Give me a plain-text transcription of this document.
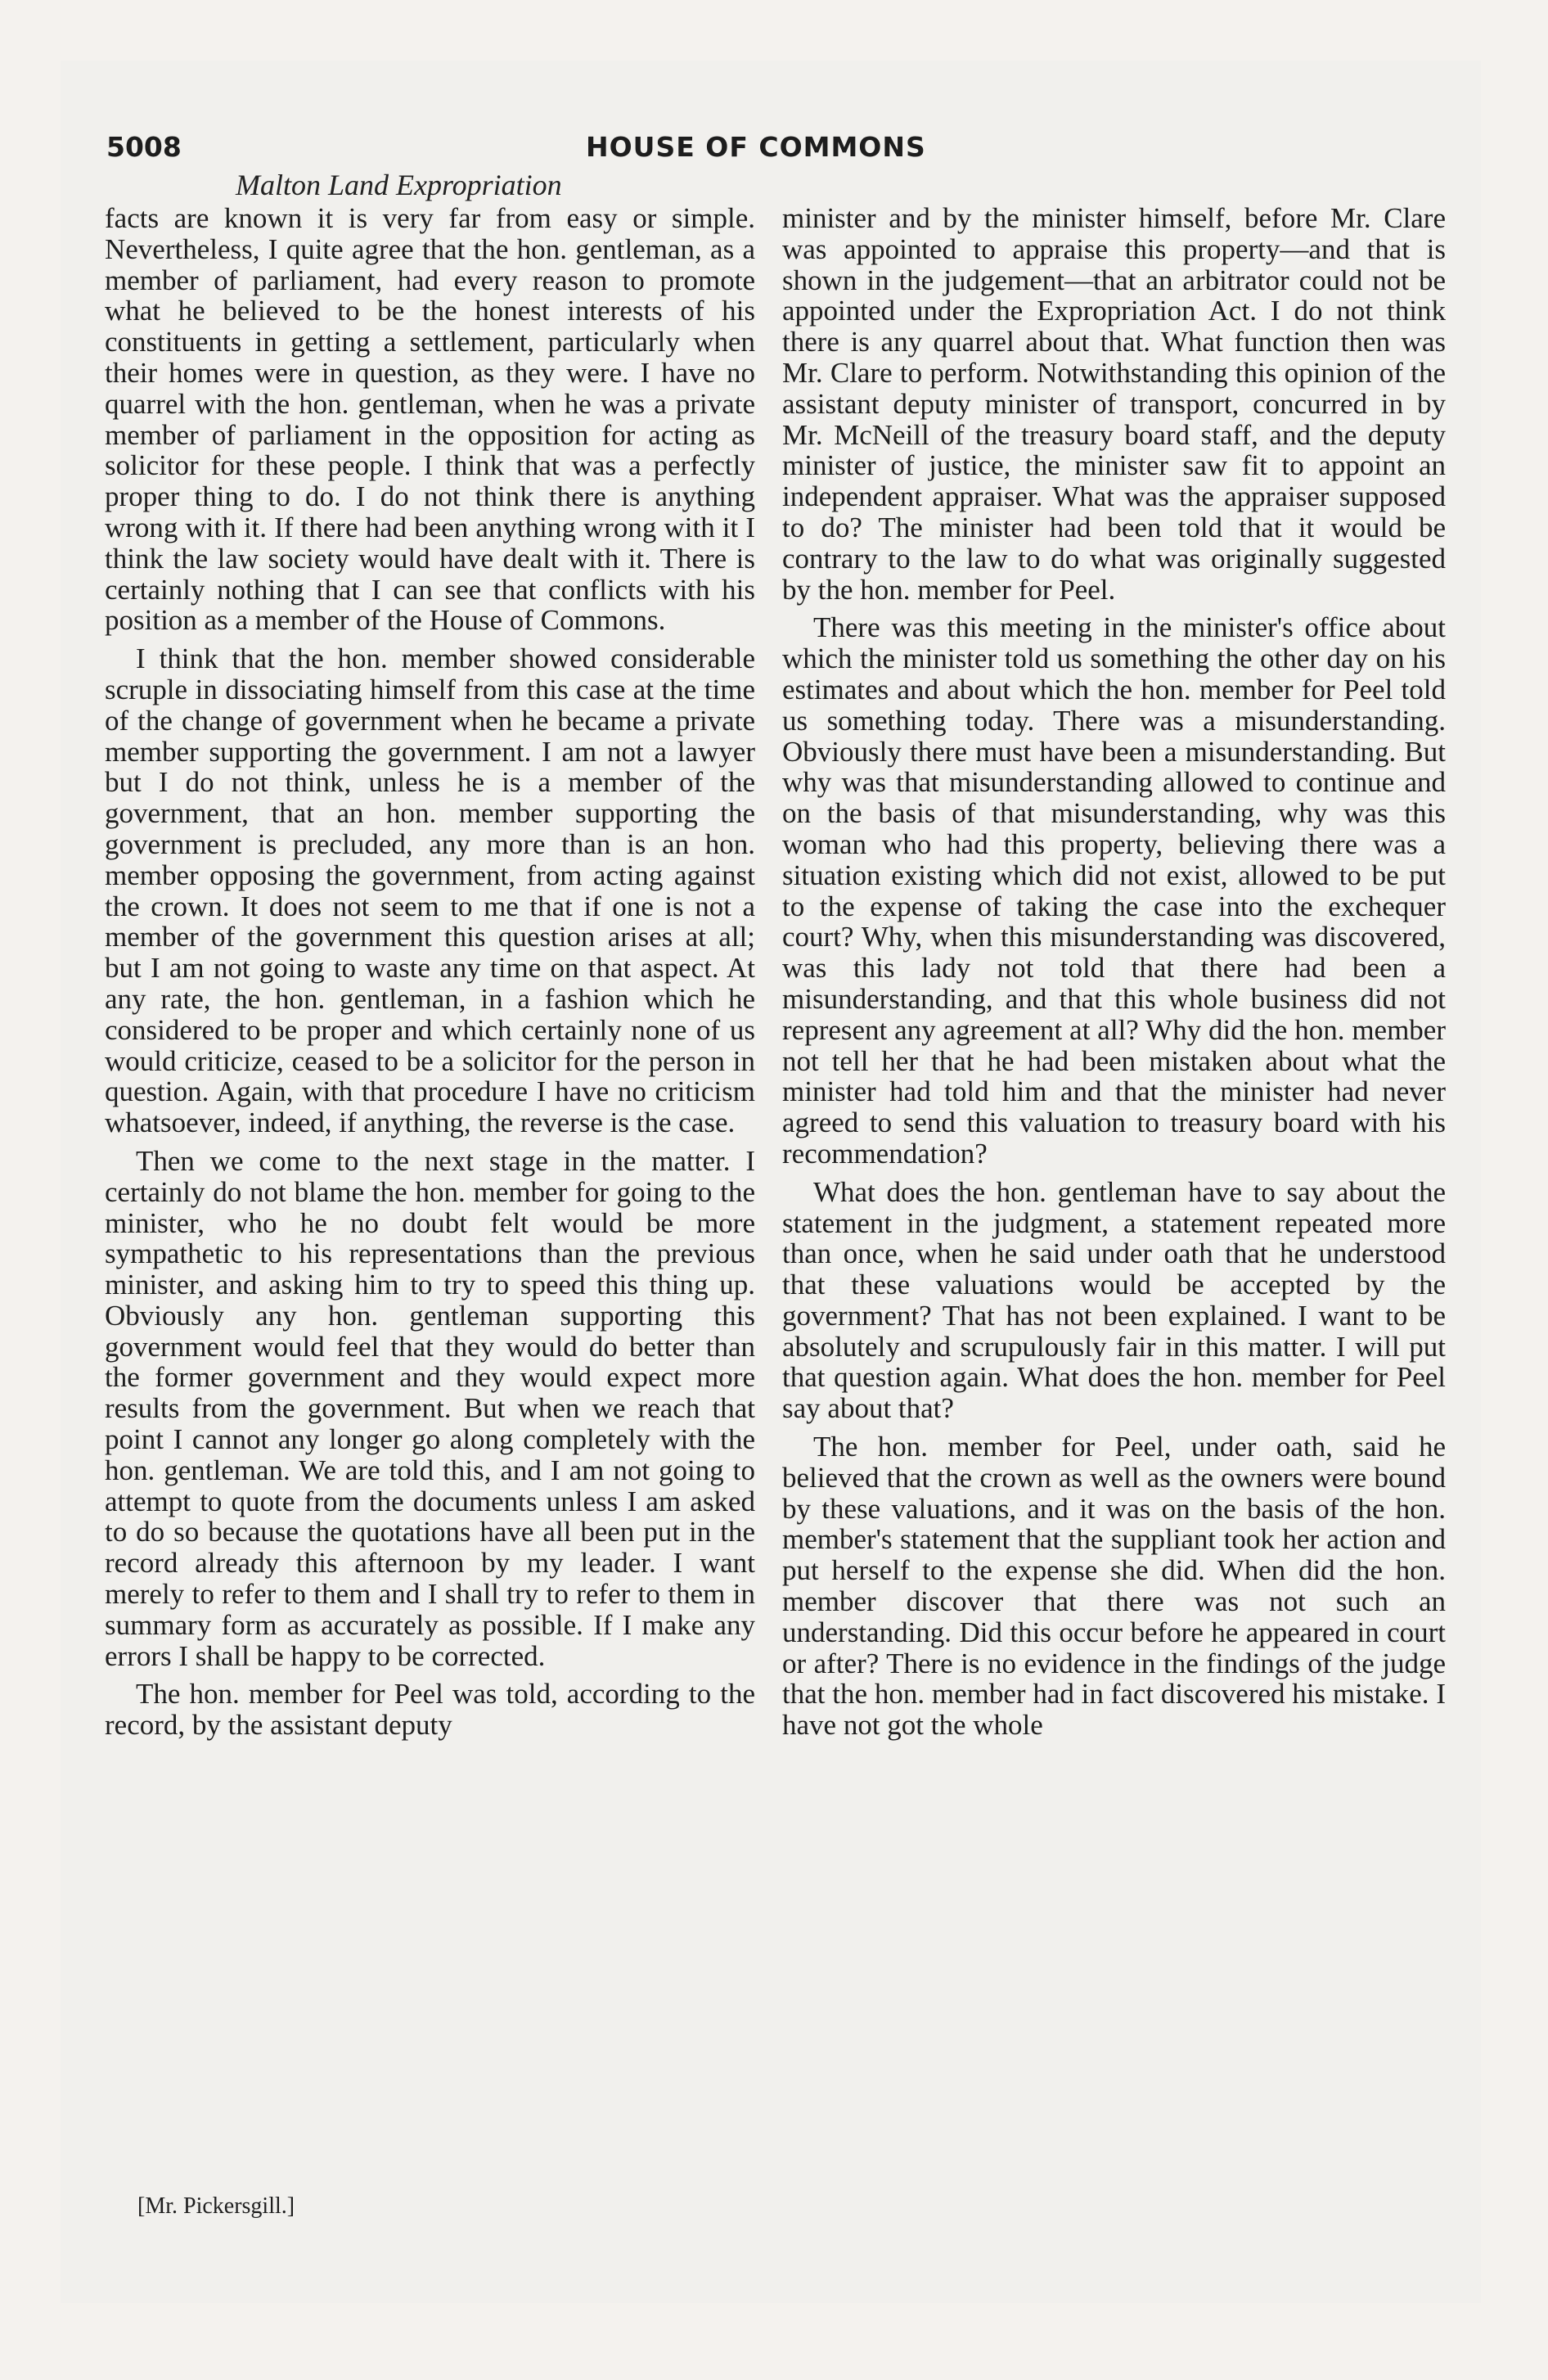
5008	HOUSE OF COMMONS
Malton Land Expropriation

facts are known it is very far from easy or simple. Nevertheless, I quite agree that the hon. gentleman, as a member of parliament, had every reason to promote what he believed to be the honest interests of his constituents in getting a settlement, particularly when their homes were in question, as they were. I have no quarrel with the hon. gentleman, when he was a private member of parliament in the opposition for acting as solicitor for these people. I think that was a perfectly proper thing to do. I do not think there is anything wrong with it. If there had been anything wrong with it I think the law society would have dealt with it. There is certainly nothing that I can see that conflicts with his position as a member of the House of Commons.

I think that the hon. member showed considerable scruple in dissociating himself from this case at the time of the change of government when he became a private member supporting the government. I am not a lawyer but I do not think, unless he is a member of the government, that an hon. member supporting the government is precluded, any more than is an hon. member opposing the government, from acting against the crown. It does not seem to me that if one is not a member of the government this question arises at all; but I am not going to waste any time on that aspect. At any rate, the hon. gentleman, in a fashion which he considered to be proper and which certainly none of us would criticize, ceased to be a solicitor for the person in question. Again, with that procedure I have no criticism whatsoever, indeed, if anything, the reverse is the case.

Then we come to the next stage in the matter. I certainly do not blame the hon. member for going to the minister, who he no doubt felt would be more sympathetic to his representations than the previous minister, and asking him to try to speed this thing up. Obviously any hon. gentleman supporting this government would feel that they would do better than the former government and they would expect more results from the government. But when we reach that point I cannot any longer go along completely with the hon. gentleman. We are told this, and I am not going to attempt to quote from the documents unless I am asked to do so because the quotations have all been put in the record already this afternoon by my leader. I want merely to refer to them and I shall try to refer to them in summary form as accurately as possible. If I make any errors I shall be happy to be corrected.

The hon. member for Peel was told, according to the record, by the assistant deputy

minister and by the minister himself, before Mr. Clare was appointed to appraise this property—and that is shown in the judgement—that an arbitrator could not be appointed under the Expropriation Act. I do not think there is any quarrel about that. What function then was Mr. Clare to perform. Notwithstanding this opinion of the assistant deputy minister of transport, concurred in by Mr. McNeill of the treasury board staff, and the deputy minister of justice, the minister saw fit to appoint an independent appraiser. What was the appraiser supposed to do? The minister had been told that it would be contrary to the law to do what was originally suggested by the hon. member for Peel.

There was this meeting in the minister's office about which the minister told us something the other day on his estimates and about which the hon. member for Peel told us something today. There was a misunderstanding. Obviously there must have been a misunderstanding. But why was that misunderstanding allowed to continue and on the basis of that misunderstanding, why was this woman who had this property, believing there was a situation existing which did not exist, allowed to be put to the expense of taking the case into the exchequer court? Why, when this misunderstanding was discovered, was this lady not told that there had been a misunderstanding, and that this whole business did not represent any agreement at all? Why did the hon. member not tell her that he had been mistaken about what the minister had told him and that the minister had never agreed to send this valuation to treasury board with his recommendation?

What does the hon. gentleman have to say about the statement in the judgment, a statement repeated more than once, when he said under oath that he understood that these valuations would be accepted by the government? That has not been explained. I want to be absolutely and scrupulously fair in this matter. I will put that question again. What does the hon. member for Peel say about that?

The hon. member for Peel, under oath, said he believed that the crown as well as the owners were bound by these valuations, and it was on the basis of the hon. member's statement that the suppliant took her action and put herself to the expense she did. When did the hon. member discover that there was not such an understanding. Did this occur before he appeared in court or after? There is no evidence in the findings of the judge that the hon. member had in fact discovered his mistake. I have not got the whole

[Mr. Pickersgill.]
